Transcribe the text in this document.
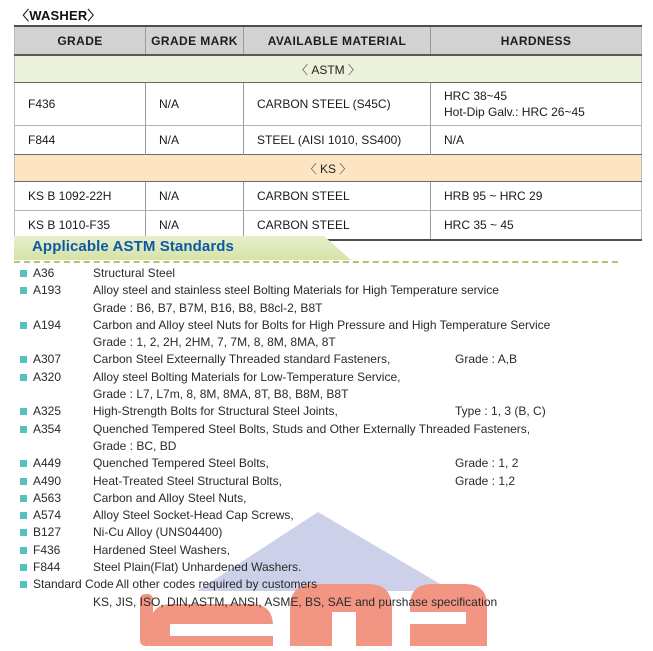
〈WASHER〉
GRADE	GRADE MARK	AVAILABLE MATERIAL	HARDNESS
〈 ASTM 〉			
F436	N/A	CARBON STEEL (S45C)	HRC 38~45
Hot-Dip Galv.: HRC 26~45

F844	N/A	STEEL (AISI 1010, SS400)	N/A
〈 KS 〉			
KS B 1092-22H	N/A	CARBON STEEL	HRB 95 ~ HRC 29
KS B 1010-F35	N/A	CARBON STEEL	HRC 35 ~ 45
Applicable ASTM Standards
A36	Structural Steel
A193	Alloy steel and stainless steel Bolting Materials for High Temperature service
Grade : B6, B7, B7M, B16, B8, B8cl-2, B8T
A194	Carbon and Alloy steel Nuts for Bolts for High Pressure and High Temperature Service
Grade : 1, 2, 2H, 2HM, 7, 7M, 8, 8M, 8MA, 8T
A307	Carbon Steel Exteernally Threaded standard Fasteners,	Grade : A,B
A320	Alloy steel Bolting Materials for Low-Temperature Service,
Grade : L7, L7m, 8, 8M, 8MA, 8T, B8, B8M, B8T
A325	High-Strength Bolts for Structural Steel Joints,	Type : 1, 3 (B, C)
A354	Quenched Tempered Steel Bolts, Studs and Other Externally Threaded Fasteners,
Grade : BC, BD
A449	Quenched Tempered Steel Bolts,	Grade : 1, 2
A490	Heat-Treated Steel Structural Bolts,	Grade : 1,2
A563	Carbon and Alloy Steel Nuts,
A574	Alloy Steel Socket-Head Cap Screws,
B127	Ni-Cu Alloy (UNS04400)
F436	Hardened Steel Washers,
F844	Steel Plain(Flat) Unhardened Washers.
Standard Code All other codes required by customers
KS, JIS, ISO, DIN,ASTM, ANSI, ASME, BS, SAE and purshase specification
